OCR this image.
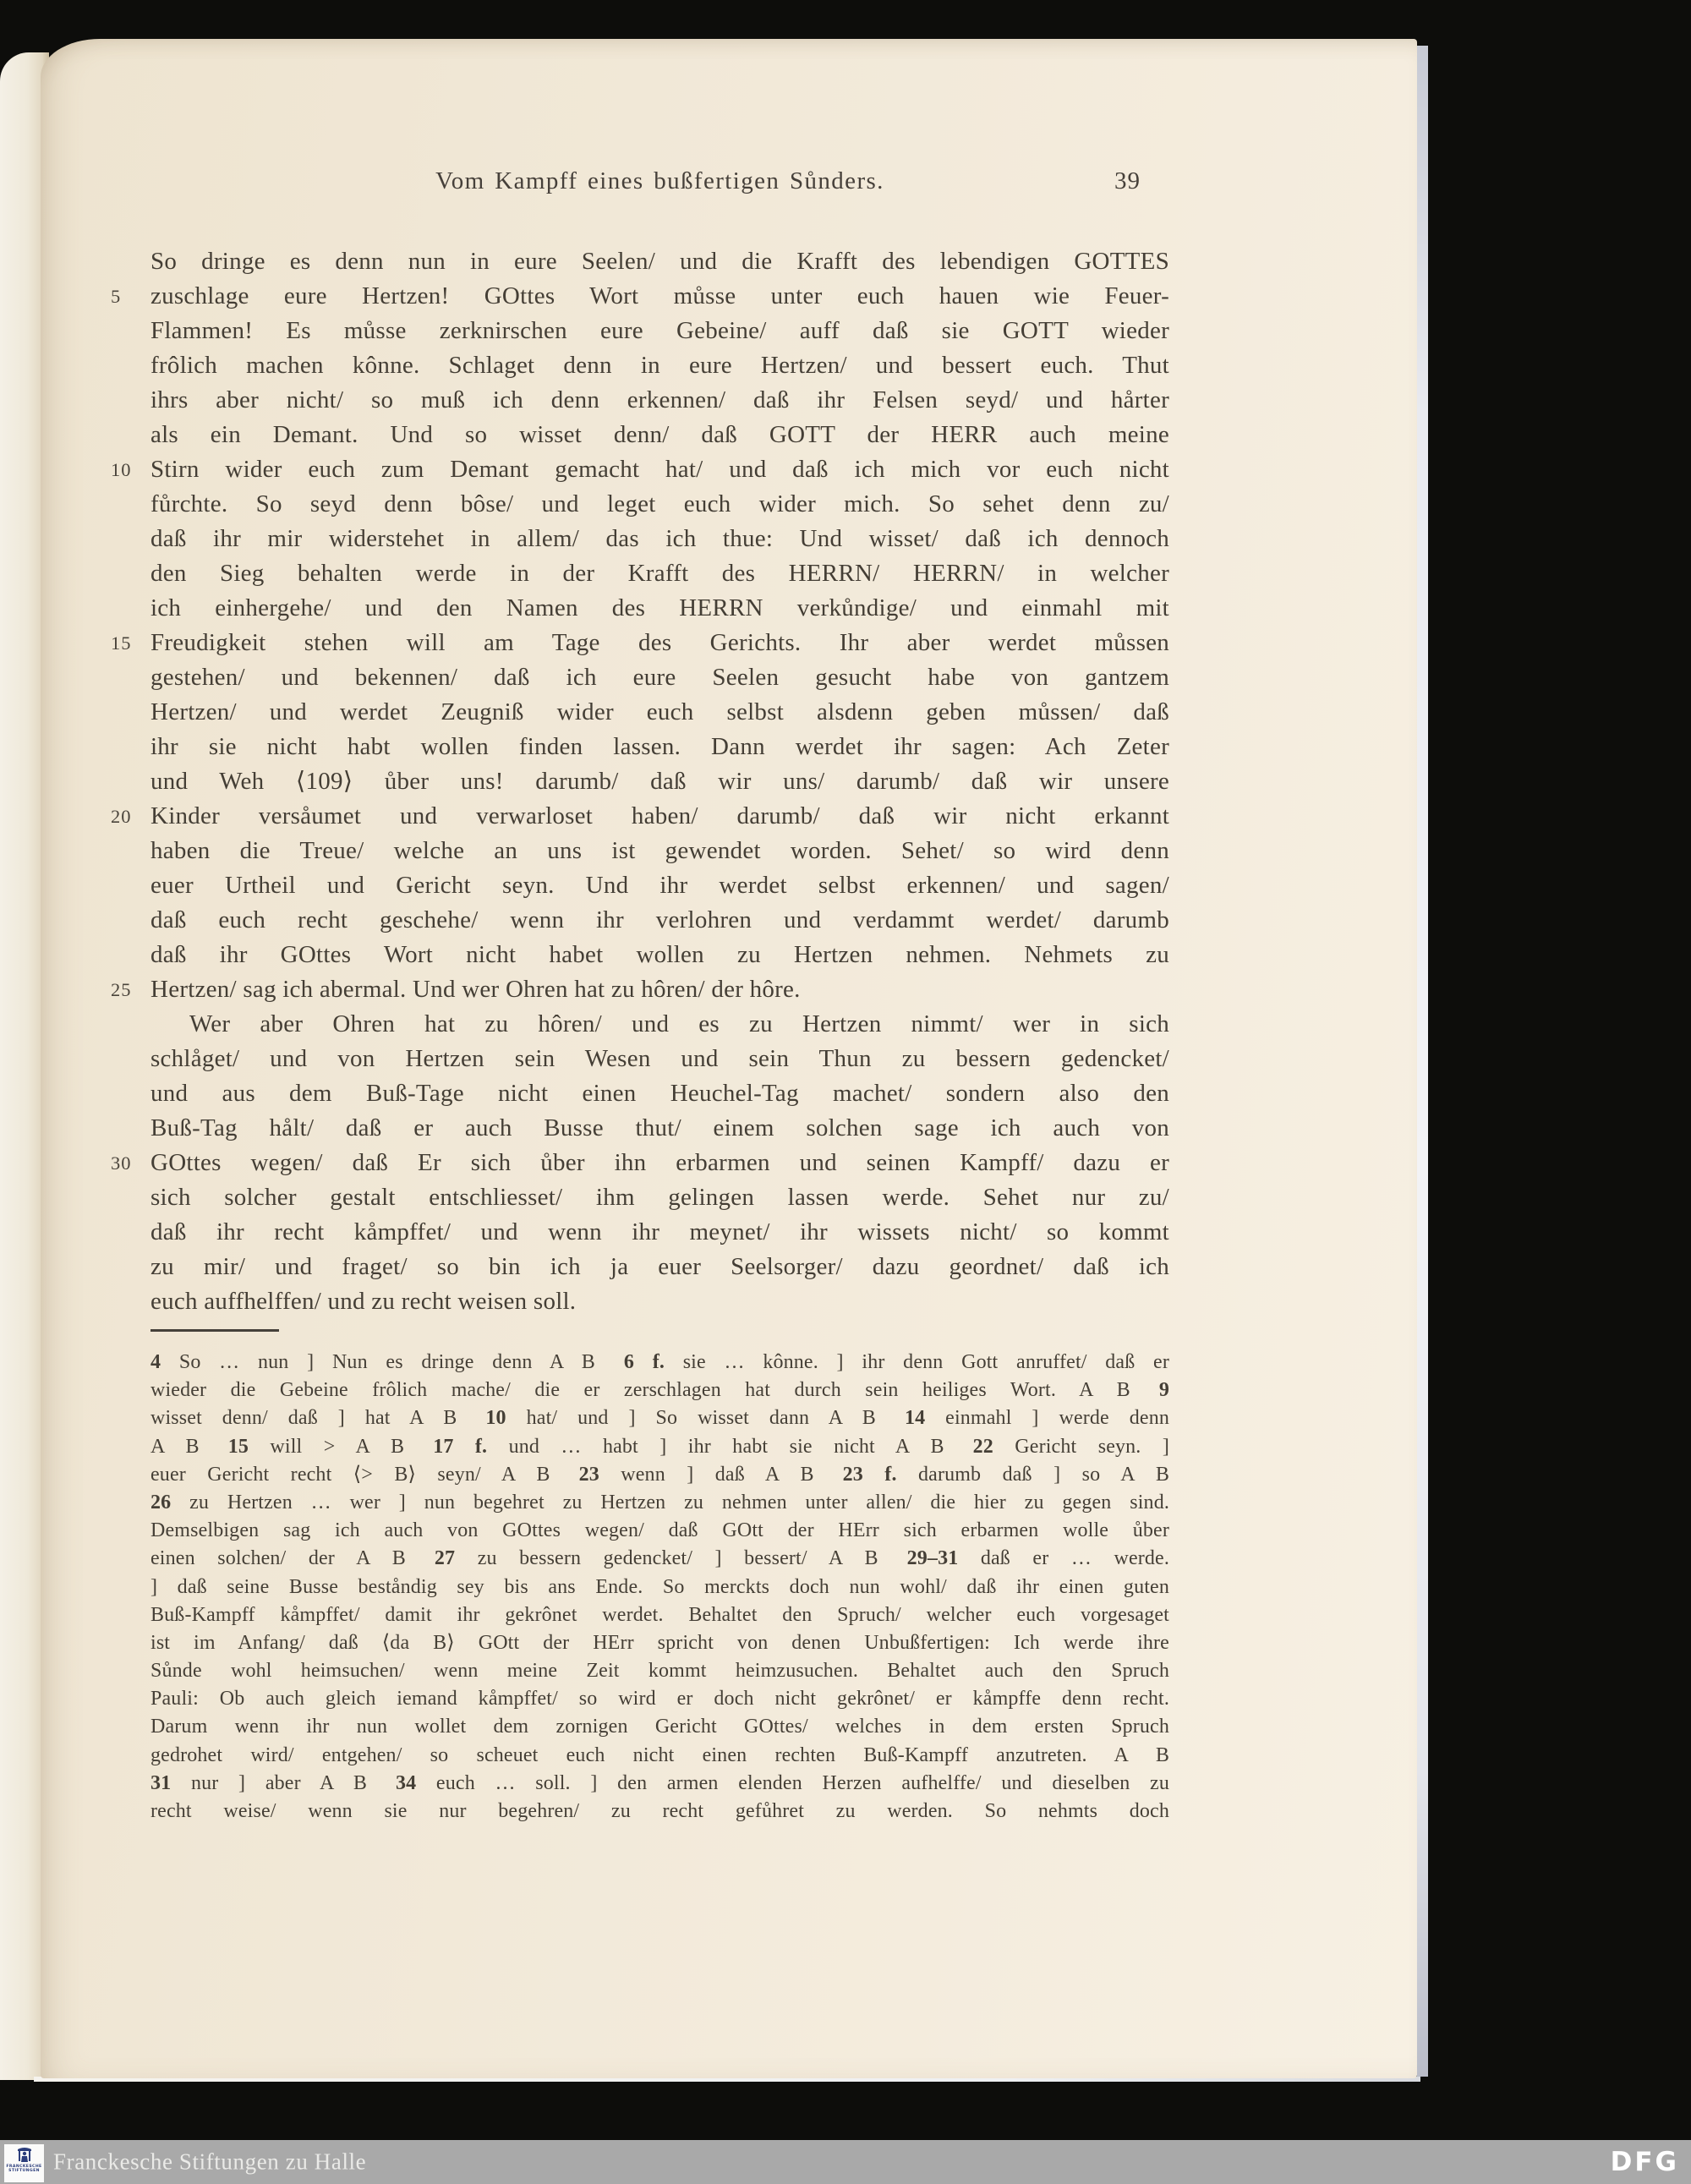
Vom Kampff eines bußfertigen Sůnders.	39
So dringe es denn nun in eure Seelen/ und die Krafft des lebendigen GOTTES
5	zuschlage eure Hertzen! GOttes Wort můsse unter euch hauen wie Feuer-
Flammen! Es můsse zerknirschen eure Gebeine/ auff daß sie GOTT wieder
frôlich machen kônne. Schlaget denn in eure Hertzen/ und bessert euch. Thut
ihrs aber nicht/ so muß ich denn erkennen/ daß ihr Felsen seyd/ und hårter
als ein Demant. Und so wisset denn/ daß GOTT der HERR auch meine
10 Stirn wider euch zum Demant gemacht hat/ und daß ich mich vor euch nicht
fůrchte. So seyd denn bôse/ und leget euch wider mich. So sehet denn zu/
daß ihr mir widerstehet in allem/ das ich thue: Und wisset/ daß ich dennoch
den Sieg behalten werde in der Krafft des HERRN/ HERRN/ in welcher
ich einhergehe/ und den Namen des HERRN verkůndige/ und einmahl mit
15 Freudigkeit stehen will am Tage des Gerichts. Ihr aber werdet můssen
gestehen/ und bekennen/ daß ich eure Seelen gesucht habe von gantzem
Hertzen/ und werdet Zeugniß wider euch selbst alsdenn geben můssen/ daß
ihr sie nicht habt wollen finden lassen. Dann werdet ihr sagen: Ach Zeter
und Weh ⟨109⟩ ůber uns! darumb/ daß wir uns/ darumb/ daß wir unsere
20 Kinder versåumet und verwarloset haben/ darumb/ daß wir nicht erkannt
haben die Treue/ welche an uns ist gewendet worden. Sehet/ so wird denn
euer Urtheil und Gericht seyn. Und ihr werdet selbst erkennen/ und sagen/
daß euch recht geschehe/ wenn ihr verlohren und verdammt werdet/ darumb
daß ihr GOttes Wort nicht habet wollen zu Hertzen nehmen. Nehmets zu
25 Hertzen/ sag ich abermal. Und wer Ohren hat zu hôren/ der hôre.
Wer aber Ohren hat zu hôren/ und es zu Hertzen nimmt/ wer in sich
schlåget/ und von Hertzen sein Wesen und sein Thun zu bessern gedencket/
und aus dem Buß-Tage nicht einen Heuchel-Tag machet/ sondern also den
Buß-Tag hålt/ daß er auch Busse thut/ einem solchen sage ich auch von
30 GOttes wegen/ daß Er sich ůber ihn erbarmen und seinen Kampff/ dazu er
sich solcher gestalt entschliesset/ ihm gelingen lassen werde. Sehet nur zu/
daß ihr recht kåmpffet/ und wenn ihr meynet/ ihr wissets nicht/ so kommt
zu mir/ und fraget/ so bin ich ja euer Seelsorger/ dazu geordnet/ daß ich
euch auffhelffen/ und zu recht weisen soll.
4 So … nun ] Nun es dringe denn A B 6 f. sie … kônne. ] ihr denn Gott anruffet/ daß er
wieder die Gebeine frôlich mache/ die er zerschlagen hat durch sein heiliges Wort. A B 9
wisset denn/ daß ] hat A B 10 hat/ und ] So wisset dann A B 14 einmahl ] werde denn
A B 15 will > A B 17 f. und … habt ] ihr habt sie nicht A B 22 Gericht seyn. ]
euer Gericht recht ⟨> B⟩ seyn/ A B 23 wenn ] daß A B 23 f. darumb daß ] so A B
26 zu Hertzen … wer ] nun begehret zu Hertzen zu nehmen unter allen/ die hier zu gegen sind.
Demselbigen sag ich auch von GOttes wegen/ daß GOtt der HErr sich erbarmen wolle ůber
einen solchen/ der A B 27 zu bessern gedencket/ ] bessert/ A B 29–31 daß er … werde.
] daß seine Busse beståndig sey bis ans Ende. So merckts doch nun wohl/ daß ihr einen guten
Buß-Kampff kåmpffet/ damit ihr gekrônet werdet. Behaltet den Spruch/ welcher euch vorgesaget
ist im Anfang/ daß ⟨da B⟩ GOtt der HErr spricht von denen Unbußfertigen: Ich werde ihre
Sůnde wohl heimsuchen/ wenn meine Zeit kommt heimzusuchen. Behaltet auch den Spruch
Pauli: Ob auch gleich iemand kåmpffet/ so wird er doch nicht gekrônet/ er kåmpffe denn recht.
Darum wenn ihr nun wollet dem zornigen Gericht GOttes/ welches in dem ersten Spruch
gedrohet wird/ entgehen/ so scheuet euch nicht einen rechten Buß-Kampff anzutreten. A B
31 nur ] aber A B 34 euch … soll. ] den armen elenden Herzen aufhelffe/ und dieselben zu
recht weise/ wenn sie nur begehren/ zu recht gefůhret zu werden. So nehmts doch
FRANCKESCHE
STIFTUNGEN Franckesche Stiftungen zu Halle	DFG
